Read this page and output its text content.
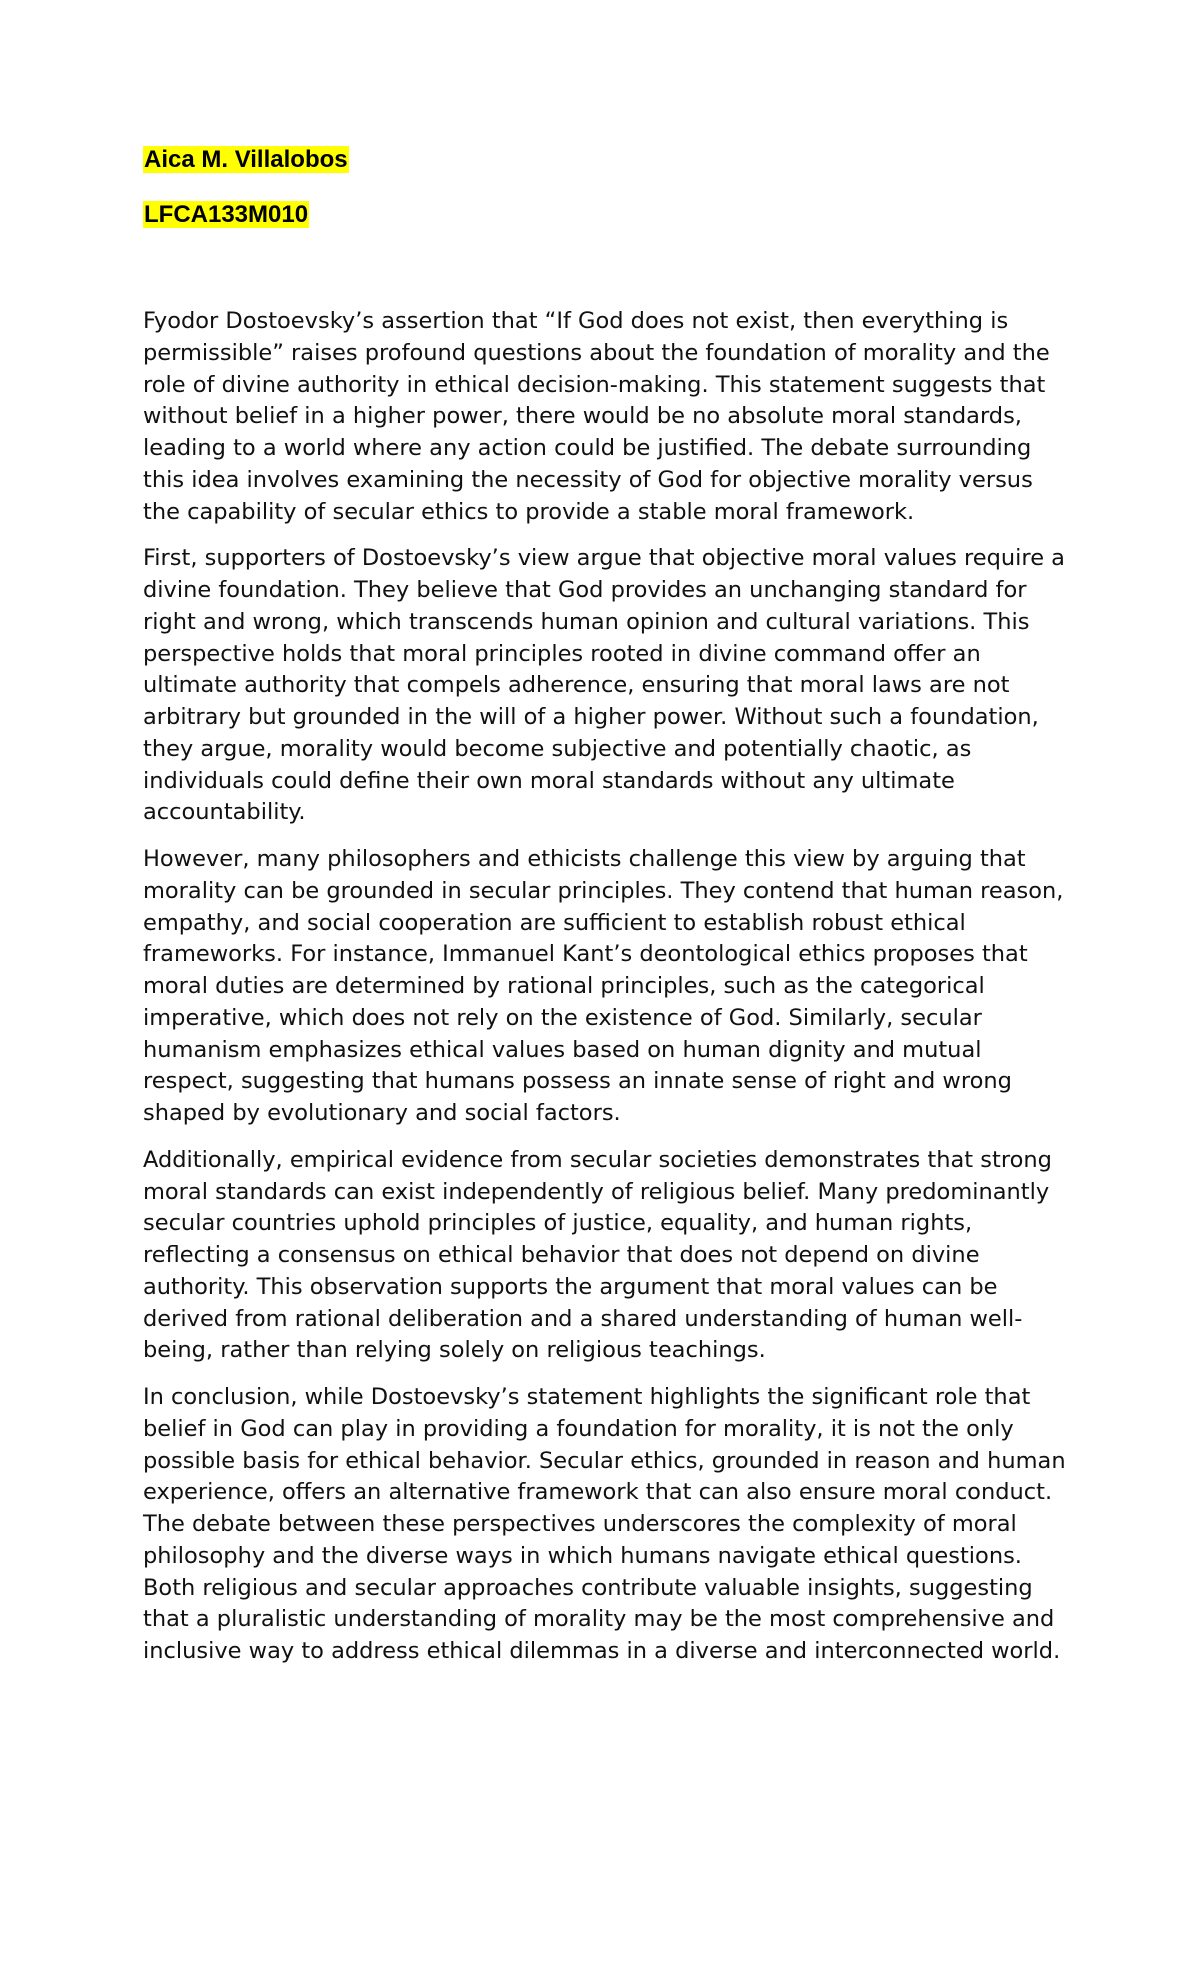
Aica M. Villalobos

LFCA133M010

Fyodor Dostoevsky’s assertion that “If God does not exist, then everything is permissible” raises profound questions about the foundation of morality and the role of divine authority in ethical decision-making. This statement suggests that without belief in a higher power, there would be no absolute moral standards, leading to a world where any action could be justified. The debate surrounding this idea involves examining the necessity of God for objective morality versus the capability of secular ethics to provide a stable moral framework.

First, supporters of Dostoevsky’s view argue that objective moral values require a divine foundation. They believe that God provides an unchanging standard for right and wrong, which transcends human opinion and cultural variations. This perspective holds that moral principles rooted in divine command offer an ultimate authority that compels adherence, ensuring that moral laws are not arbitrary but grounded in the will of a higher power. Without such a foundation, they argue, morality would become subjective and potentially chaotic, as individuals could define their own moral standards without any ultimate accountability.

However, many philosophers and ethicists challenge this view by arguing that morality can be grounded in secular principles. They contend that human reason, empathy, and social cooperation are sufficient to establish robust ethical frameworks. For instance, Immanuel Kant’s deontological ethics proposes that moral duties are determined by rational principles, such as the categorical imperative, which does not rely on the existence of God. Similarly, secular humanism emphasizes ethical values based on human dignity and mutual respect, suggesting that humans possess an innate sense of right and wrong shaped by evolutionary and social factors.

Additionally, empirical evidence from secular societies demonstrates that strong moral standards can exist independently of religious belief. Many predominantly secular countries uphold principles of justice, equality, and human rights, reflecting a consensus on ethical behavior that does not depend on divine authority. This observation supports the argument that moral values can be derived from rational deliberation and a shared understanding of human well-being, rather than relying solely on religious teachings.

In conclusion, while Dostoevsky’s statement highlights the significant role that belief in God can play in providing a foundation for morality, it is not the only possible basis for ethical behavior. Secular ethics, grounded in reason and human experience, offers an alternative framework that can also ensure moral conduct. The debate between these perspectives underscores the complexity of moral philosophy and the diverse ways in which humans navigate ethical questions. Both religious and secular approaches contribute valuable insights, suggesting that a pluralistic understanding of morality may be the most comprehensive and inclusive way to address ethical dilemmas in a diverse and interconnected world.
